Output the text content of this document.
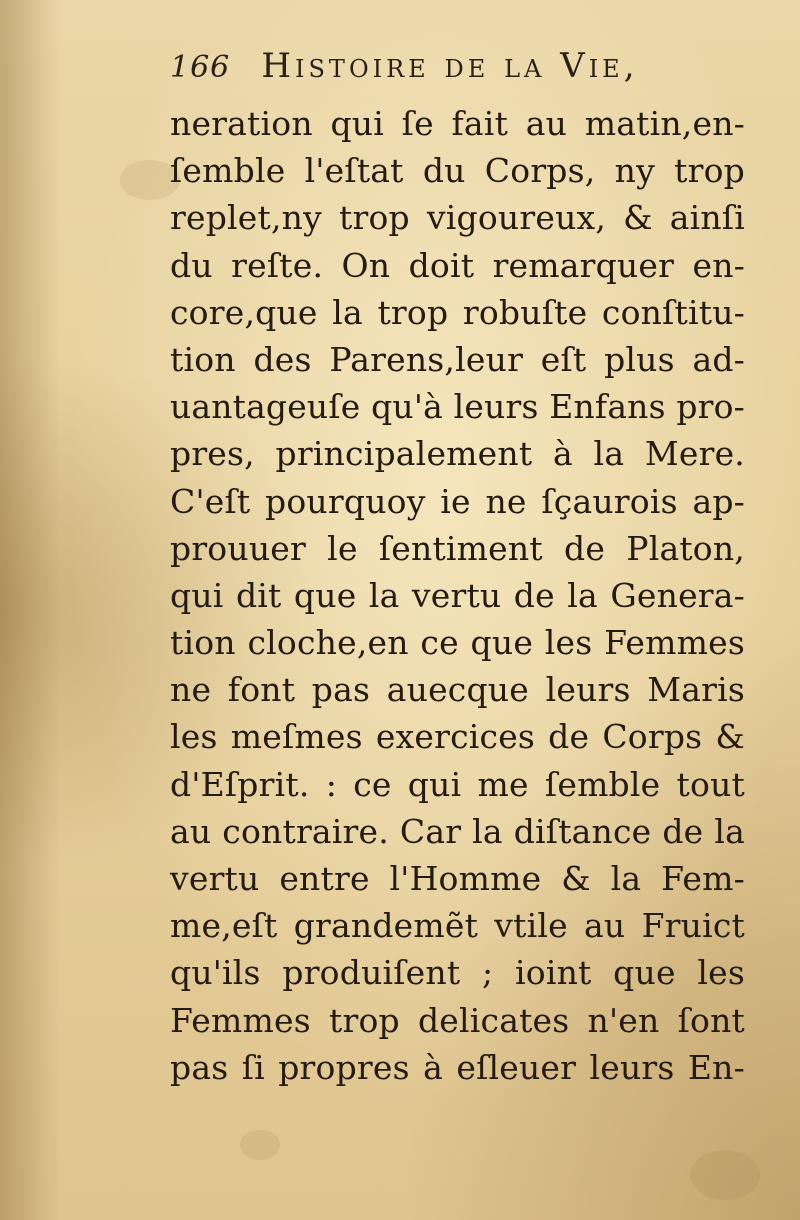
166 Histoire de la Vie,
neration qui ſe fait au matin,en-
ſemble l'eſtat du Corps, ny trop
replet,ny trop vigoureux, & ainſi
du reſte. On doit remarquer en-
core,que la trop robuſte conſtitu-
tion des Parens,leur eſt plus ad-
uantageuſe qu'à leurs Enfans pro-
pres, principalement à la Mere.
C'eſt pourquoy ie ne ſçaurois ap-
prouuer le ſentiment de Platon,
qui dit que la vertu de la Genera-
tion cloche,en ce que les Femmes
ne font pas auecque leurs Maris
les meſmes exercices de Corps &
d'Eſprit. : ce qui me ſemble tout
au contraire. Car la diſtance de la
vertu entre l'Homme & la Fem-
me,eſt grandemẽt vtile au Fruict
qu'ils produiſent ; ioint que les
Femmes trop delicates n'en ſont
pas ſi propres à eſleuer leurs En-
